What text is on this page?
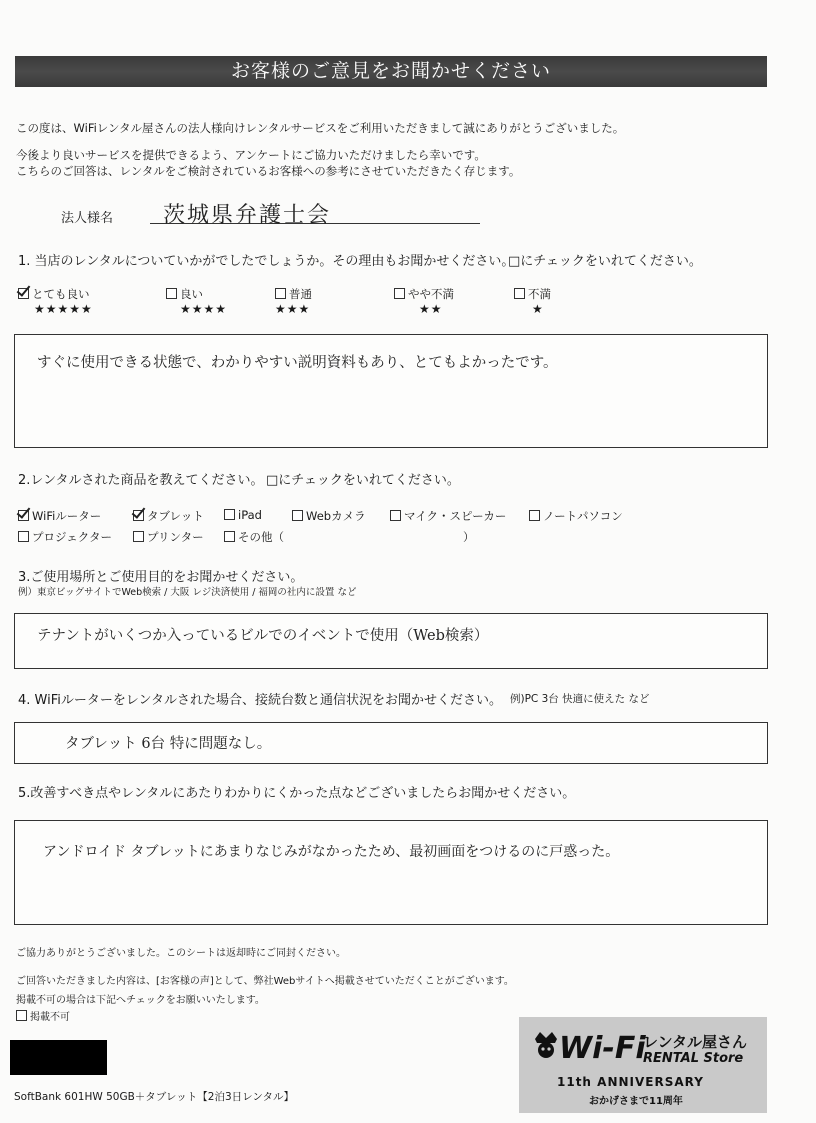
お客様のご意見をお聞かせください
この度は、WiFiレンタル屋さんの法人様向けレンタルサービスをご利用いただきまして誠にありがとうございました。
今後より良いサービスを提供できるよう、アンケートにご協力いただけましたら幸いです。
こちらのご回答は、レンタルをご検討されているお客様への参考にさせていただきたく存じます。
法人様名 茨城県弁護士会
1. 当店のレンタルについていかがでしたでしょうか。その理由もお聞かせください。
□にチェックをいれてください。
とても良い
★★★★★
良い
★★★★
普通
★★★
やや不満
★★
不満
★
すぐに使用できる状態で、わかりやすい説明資料もあり、とてもよかったです。
2.レンタルされた商品を教えてください。 □にチェックをいれてください。
WiFiルーター	タブレット	iPad	Webカメラ	マイク・スピーカー	ノートパソコン
プロジェクター	プリンター	その他（	）
3.ご使用場所とご使用目的をお聞かせください。
例）東京ビッグサイトでWeb検索 / 大阪 レジ決済使用 / 福岡の社内に設置 など
テナントがいくつか入っているビルでのイベントで使用（Web検索）
4. WiFiルーターをレンタルされた場合、接続台数と通信状況をお聞かせください。 例)PC 3台 快適に使えた など
タブレット 6台 特に問題なし。
5.改善すべき点やレンタルにあたりわかりにくかった点などございましたらお聞かせください。
アンドロイド タブレットにあまりなじみがなかったため、最初画面をつけるのに戸惑った。
ご協力ありがとうございました。このシートは返却時にご同封ください。
ご回答いただきました内容は、[お客様の声]として、弊社Webサイトへ掲載させていただくことがございます。
掲載不可の場合は下記へチェックをお願いいたします。
掲載不可
SoftBank 601HW 50GB＋タブレット【2泊3日レンタル】
Wi-Fi
レンタル屋さん
RENTAL Store
11th ANNIVERSARY
おかげさまで11周年
